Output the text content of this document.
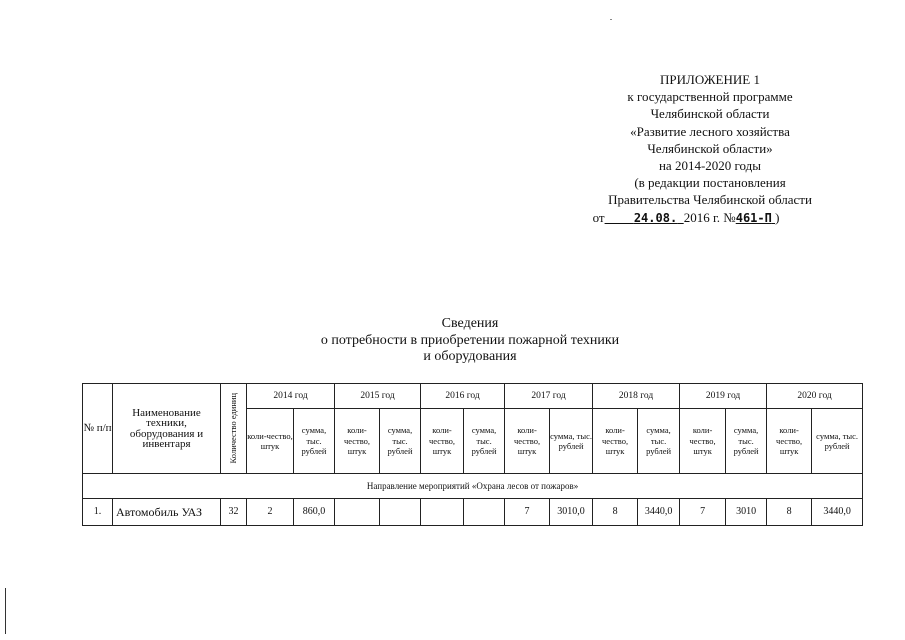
ПРИЛОЖЕНИЕ 1
к государственной программе
Челябинской области
«Развитие лесного хозяйства
Челябинской области»
на 2014-2020 годы
(в редакции постановления
Правительства Челябинской области
от 24.08. 2016 г. №461-П )
Сведения
о потребности в приобретении пожарной техники
и оборудования
№ п/п	Наименование техники, оборудования и инвентаря	Количество единиц	2014 год		2015 год		2016 год		2017 год		2018 год		2019 год		2020 год	
			коли-чество, штук	сумма, тыс. рублей	коли-чество, штук	сумма, тыс. рублей	коли-чество, штук	сумма, тыс. рублей	коли-чество, штук	сумма, тыс. рублей	коли-чество, штук	сумма, тыс. рублей	коли-чество, штук	сумма, тыс. рублей	коли-чество, штук	сумма, тыс. рублей
Направление мероприятий «Охрана лесов от пожаров»																
1.	Автомобиль УАЗ	32	2	860,0					7	3010,0	8	3440,0	7	3010	8	3440,0
